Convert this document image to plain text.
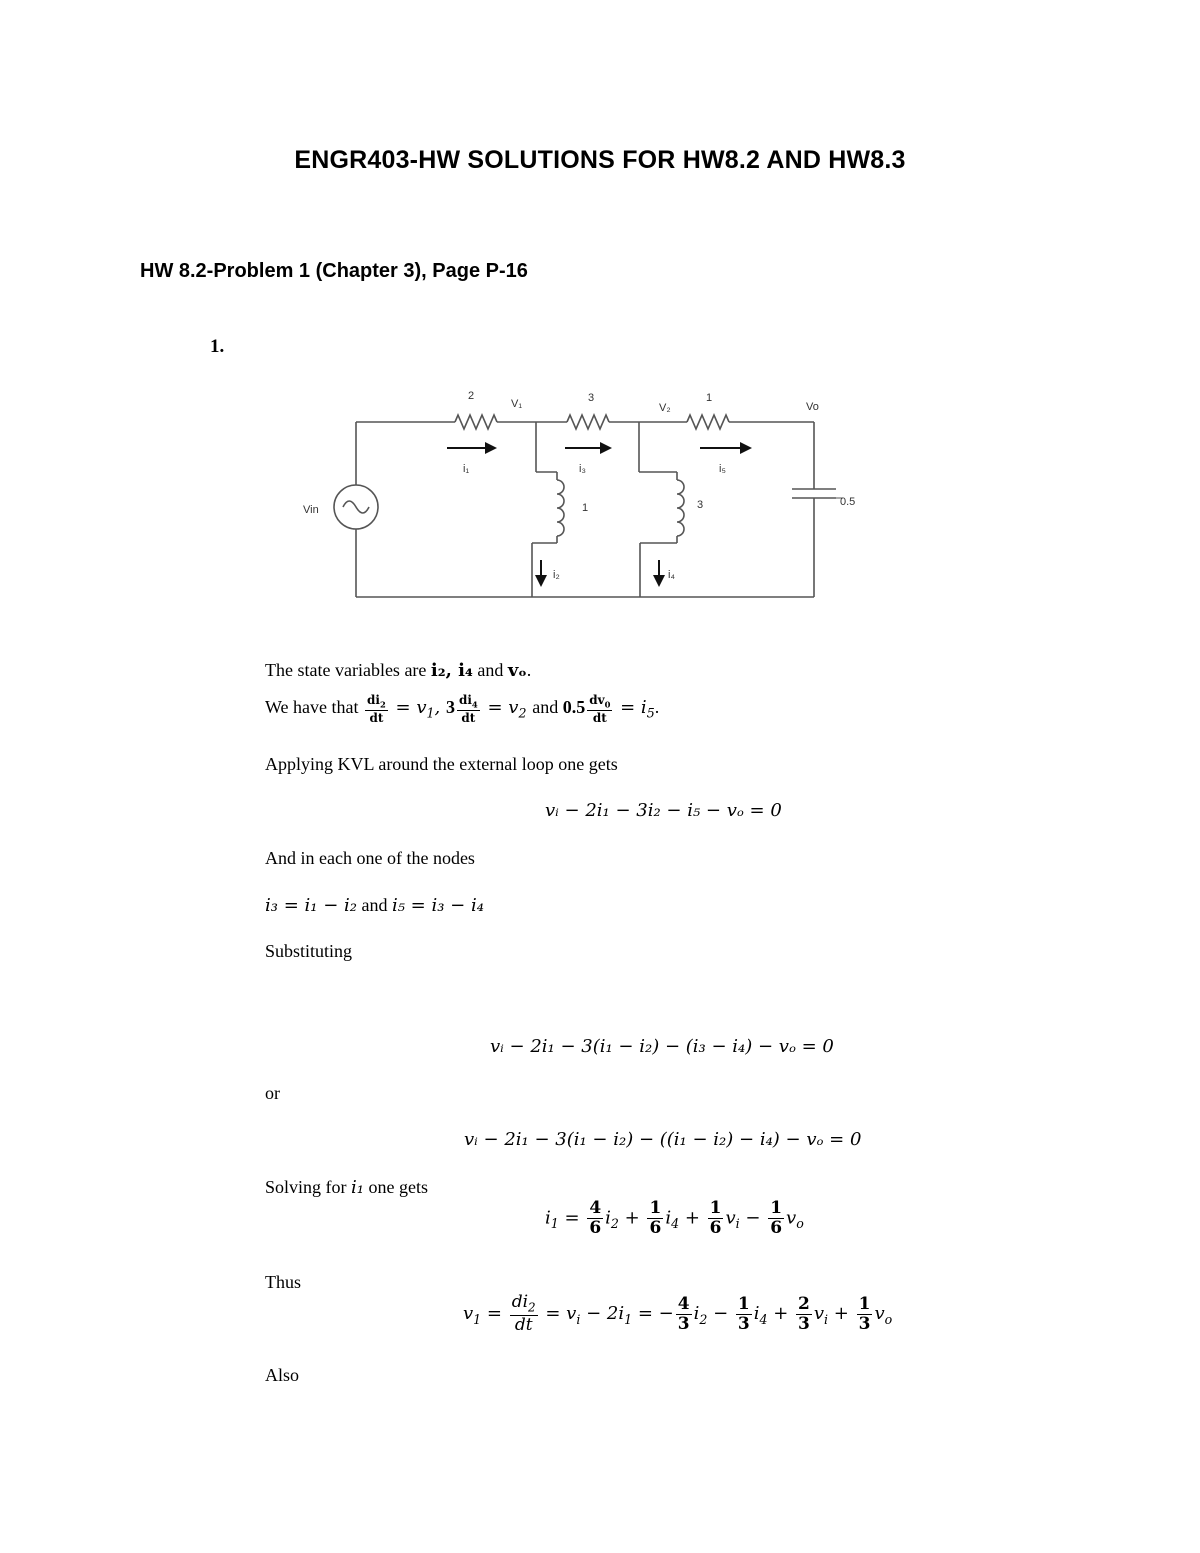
ENGR403-HW SOLUTIONS FOR HW8.2 AND HW8.3
HW 8.2-Problem 1 (Chapter 3), Page P-16
1.
2
V₁	3
V₂
1
Vo
i₁	i₃	i₅
1	3	0.5
Vin
i₂	i₄
The state variables are i₂, i₄ and vₒ.
We have that $\frac{di_2}{dt} = v_1$, $3 \frac{di_4}{dt} = v_2$ and $0.5 \frac{dv_0}{dt} = i_5$.
Applying KVL around the external loop one gets
vᵢ − 2i₁ − 3i₂ − i₅ − vₒ = 0
And in each one of the nodes
i₃ = i₁ − i₂ and i₅ = i₃ − i₄
Substituting
vᵢ − 2i₁ − 3(i₁ − i₂) − (i₃ − i₄) − vₒ = 0
or
vᵢ − 2i₁ − 3(i₁ − i₂) − ((i₁ − i₂) − i₄) − vₒ = 0
Solving for i₁ one gets
$i_1 = \frac{4}{6} i_2 + \frac{1}{6} i_4 + \frac{1}{6} v_i - \frac{1}{6} v_o$
Thus
$v_1 = \frac{di_2}{dt} = v_i - 2i_1$ = − $\frac{4}{3} i_2 - \frac{1}{3} i_4 + \frac{2}{3} v_i + \frac{1}{3} v_o$
Also
